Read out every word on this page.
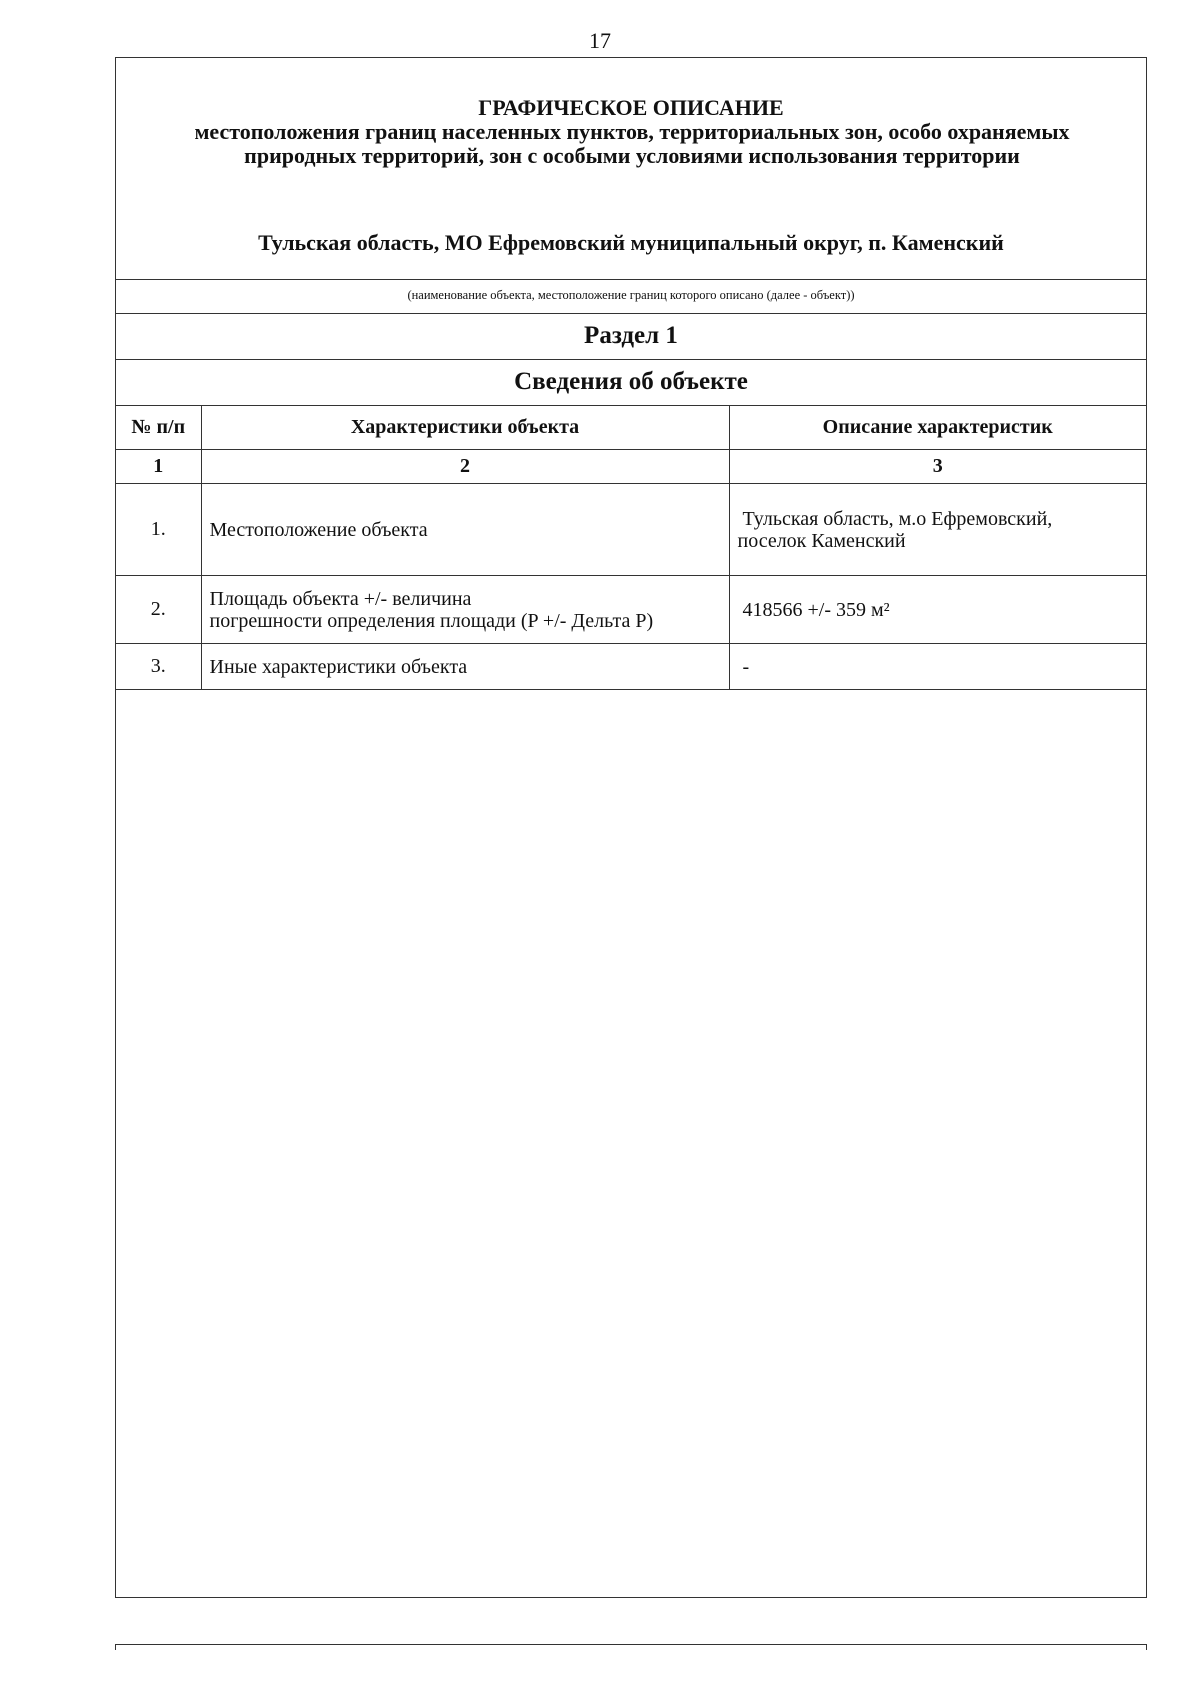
17
ГРАФИЧЕСКОЕ ОПИСАНИЕ
местоположения границ населенных пунктов, территориальных зон, особо охраняемых природных территорий, зон с особыми условиями использования территории
Тульская область, МО Ефремовский муниципальный округ, п. Каменский
(наименование объекта, местоположение границ которого описано (далее - объект))
Раздел 1
Сведения об объекте
№ п/п	Характеристики объекта	Описание характеристик
1	2	3
1.	Местоположение объекта	Тульская область, м.о Ефремовский,
поселок Каменский

2.	Площадь объекта +/- величина
погрешности определения площади (P +/- Дельта P)	418566 +/- 359 м²

3.	Иные характеристики объекта	-
